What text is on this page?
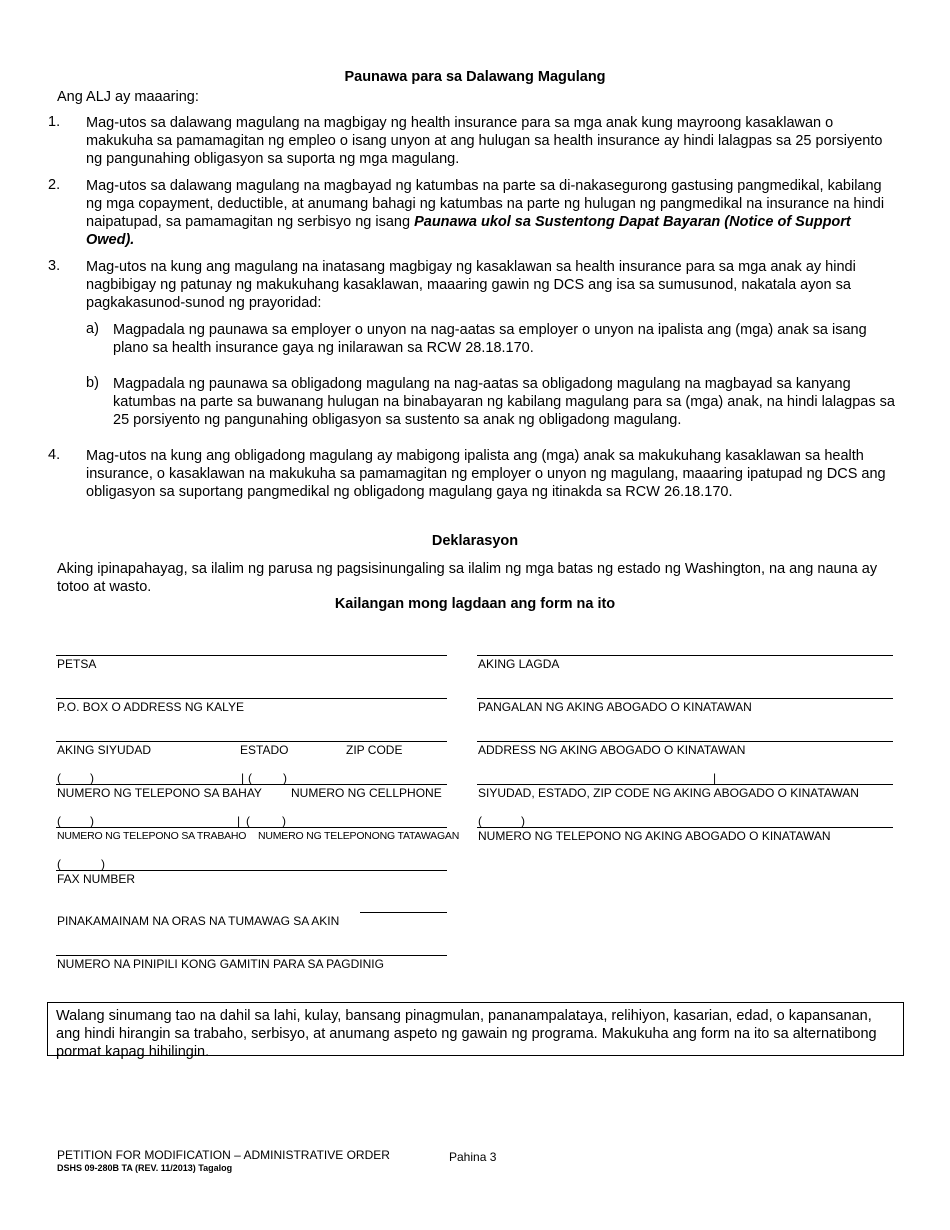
Paunawa para sa Dalawang Magulang
Ang ALJ ay maaaring:
1. Mag-utos sa dalawang magulang na magbigay ng health insurance para sa mga anak kung mayroong kasaklawan o makukuha sa pamamagitan ng empleo o isang unyon at ang hulugan sa health insurance ay hindi lalagpas sa 25 porsiyento ng pangunahing obligasyon sa suporta ng mga magulang.
2. Mag-utos sa dalawang magulang na magbayad ng katumbas na parte sa di-nakasegurong gastusing pangmedikal, kabilang ng mga copayment, deductible, at anumang bahagi ng katumbas na parte ng hulugan ng pangmedikal na insurance na hindi naipatupad, sa pamamagitan ng serbisyo ng isang Paunawa ukol sa Sustentong Dapat Bayaran (Notice of Support Owed).
3. Mag-utos na kung ang magulang na inatasang magbigay ng kasaklawan sa health insurance para sa mga anak ay hindi nagbibigay ng patunay ng makukuhang kasaklawan, maaaring gawin ng DCS ang isa sa sumusunod, nakatala ayon sa pagkakasunod-sunod ng prayoridad:
a) Magpadala ng paunawa sa employer o unyon na nag-aatas sa employer o unyon na ipalista ang (mga) anak sa isang plano sa health insurance gaya ng inilarawan sa RCW 28.18.170.
b) Magpadala ng paunawa sa obligadong magulang na nag-aatas sa obligadong magulang na magbayad sa kanyang katumbas na parte sa buwanang hulugan na binabayaran ng kabilang magulang para sa (mga) anak, na hindi lalagpas sa 25 porsiyento ng pangunahing obligasyon sa sustento sa anak ng obligadong magulang.
4. Mag-utos na kung ang obligadong magulang ay mabigong ipalista ang (mga) anak sa makukuhang kasaklawan sa health insurance, o kasaklawan na makukuha sa pamamagitan ng employer o unyon ng magulang, maaaring ipatupad ng DCS ang obligasyon sa suportang pangmedikal ng obligadong magulang gaya ng itinakda sa RCW 26.18.170.
Deklarasyon
Aking ipinapahayag, sa ilalim ng parusa ng pagsisinungaling sa ilalim ng mga batas ng estado ng Washington, na ang nauna ay totoo at wasto.
Kailangan mong lagdaan ang form na ito
PETSA
P.O. BOX O ADDRESS NG KALYE
AKING SIYUDAD	ESTADO	ZIP CODE
( )	| (	)
NUMERO NG TELEPONO SA BAHAY NUMERO NG CELLPHONE
( )	| (	)
NUMERO NG TELEPONO SA TRABAHO NUMERO NG TELEPONONG TATAWAGAN
(	)
FAX NUMBER
PINAKAMAINAM NA ORAS NA TUMAWAG SA AKIN
NUMERO NA PINIPILI KONG GAMITIN PARA SA PAGDINIG
AKING LAGDA
PANGALAN NG AKING ABOGADO O KINATAWAN
ADDRESS NG AKING ABOGADO O KINATAWAN
|
SIYUDAD, ESTADO, ZIP CODE NG AKING ABOGADO O KINATAWAN
(	)
NUMERO NG TELEPONO NG AKING ABOGADO O KINATAWAN
Walang sinumang tao na dahil sa lahi, kulay, bansang pinagmulan, pananampalataya, relihiyon, kasarian, edad, o kapansanan, ang hindi hirangin sa trabaho, serbisyo, at anumang aspeto ng gawain ng programa. Makukuha ang form na ito sa alternatibong pormat kapag hihilingin.
PETITION FOR MODIFICATION – ADMINISTRATIVE ORDER	Pahina 3
DSHS 09-280B TA (REV. 11/2013) Tagalog
